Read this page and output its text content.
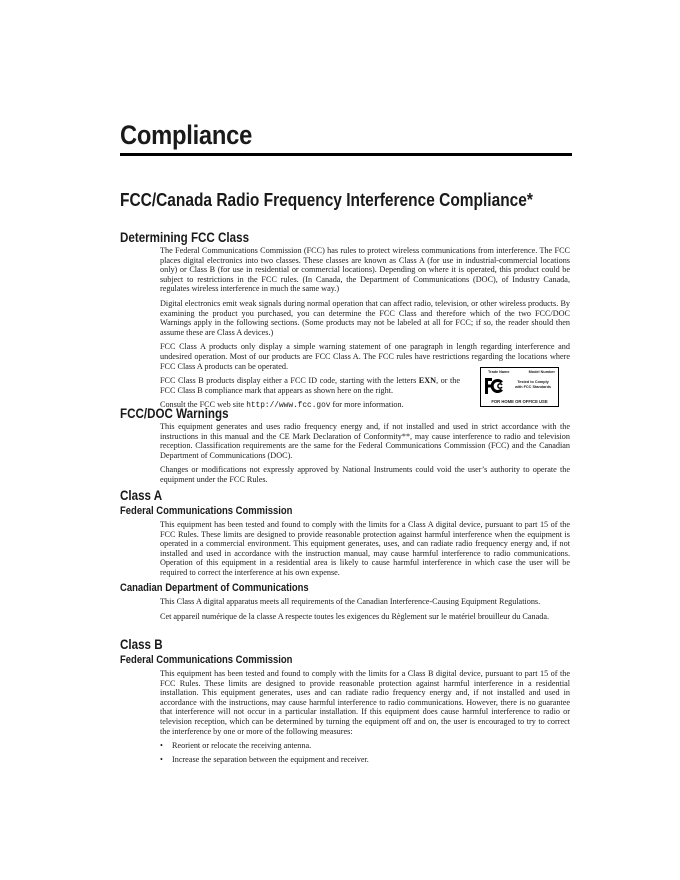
Compliance
FCC/Canada Radio Frequency Interference Compliance*
Determining FCC Class

The Federal Communications Commission (FCC) has rules to protect wireless communications from interference. The FCC places digital electronics into two classes. These classes are known as Class A (for use in industrial-commercial locations only) or Class B (for use in residential or commercial locations). Depending on where it is operated, this product could be subject to restrictions in the FCC rules. (In Canada, the Department of Communications (DOC), of Industry Canada, regulates wireless interference in much the same way.)

Digital electronics emit weak signals during normal operation that can affect radio, television, or other wireless products. By examining the product you purchased, you can determine the FCC Class and therefore which of the two FCC/DOC Warnings apply in the following sections. (Some products may not be labeled at all for FCC; if so, the reader should then assume these are Class A devices.)

FCC Class A products only display a simple warning statement of one paragraph in length regarding interference and undesired operation. Most of our products are FCC Class A. The FCC rules have restrictions regarding the locations where FCC Class A products can be operated.

FCC Class B products display either a FCC ID code, starting with the letters EXN, or the FCC Class B compliance mark that appears as shown here on the right.

Consult the FCC web site http://www.fcc.gov for more information.

Trade Name	Model Number
Tested to Comply
with FCC Standards
FOR HOME OR OFFICE USE
FCC/DOC Warnings

This equipment generates and uses radio frequency energy and, if not installed and used in strict accordance with the instructions in this manual and the CE Mark Declaration of Conformity**, may cause interference to radio and television reception. Classification requirements are the same for the Federal Communications Commission (FCC) and the Canadian Department of Communications (DOC).

Changes or modifications not expressly approved by National Instruments could void the user’s authority to operate the equipment under the FCC Rules.

Class A
Federal Communications Commission

This equipment has been tested and found to comply with the limits for a Class A digital device, pursuant to part 15 of the FCC Rules. These limits are designed to provide reasonable protection against harmful interference when the equipment is operated in a commercial environment. This equipment generates, uses, and can radiate radio frequency energy and, if not installed and used in accordance with the instruction manual, may cause harmful interference to radio communications. Operation of this equipment in a residential area is likely to cause harmful interference in which case the user will be required to correct the interference at his own expense.

Canadian Department of Communications

This Class A digital apparatus meets all requirements of the Canadian Interference-Causing Equipment Regulations.

Cet appareil numérique de la classe A respecte toutes les exigences du Règlement sur le matériel brouilleur du Canada.

Class B
Federal Communications Commission

This equipment has been tested and found to comply with the limits for a Class B digital device, pursuant to part 15 of the FCC Rules. These limits are designed to provide reasonable protection against harmful interference in a residential installation. This equipment generates, uses and can radiate radio frequency energy and, if not installed and used in accordance with the instructions, may cause harmful interference to radio communications. However, there is no guarantee that interference will not occur in a particular installation. If this equipment does cause harmful interference to radio or television reception, which can be determined by turning the equipment off and on, the user is encouraged to try to correct the interference by one or more of the following measures:

• Reorient or relocate the receiving antenna.
• Increase the separation between the equipment and receiver.
